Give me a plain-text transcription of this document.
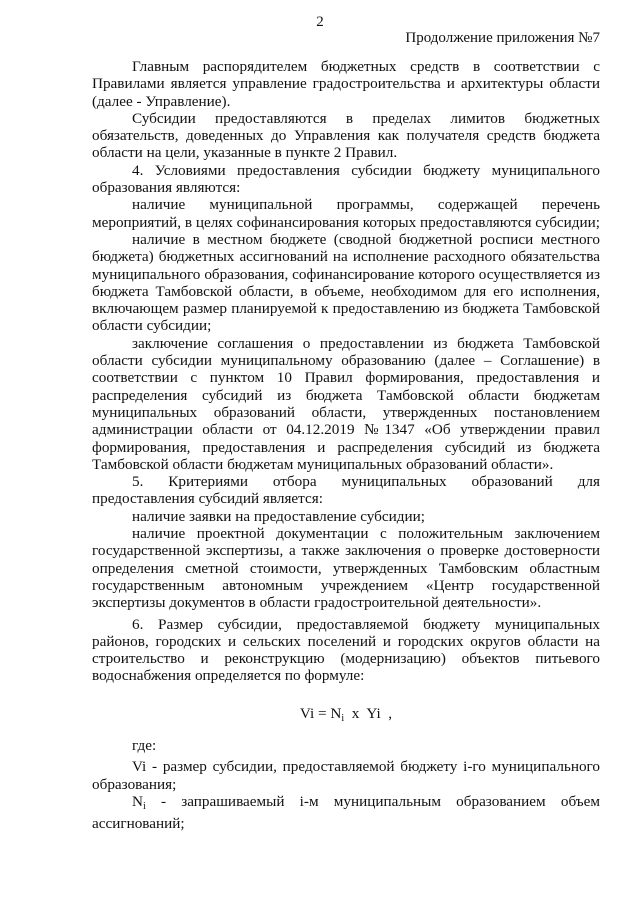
2
Продолжение приложения №7

Главным распорядителем бюджетных средств в соответствии с Правилами является управление градостроительства и архитектуры области (далее - Управление).

Субсидии предоставляются в пределах лимитов бюджетных обязательств, доведенных до Управления как получателя средств бюджета области на цели, указанные в пункте 2 Правил.

4. Условиями предоставления субсидии бюджету муниципального образования являются:

наличие муниципальной программы, содержащей перечень мероприятий, в целях софинансирования которых предоставляются субсидии;

наличие в местном бюджете (сводной бюджетной росписи местного бюджета) бюджетных ассигнований на исполнение расходного обязательства муниципального образования, софинансирование которого осуществляется из бюджета Тамбовской области, в объеме, необходимом для его исполнения, включающем размер планируемой к предоставлению из бюджета Тамбовской области субсидии;

заключение соглашения о предоставлении из бюджета Тамбовской области субсидии муниципальному образованию (далее – Соглашение) в соответствии с пунктом 10 Правил формирования, предоставления и распределения субсидий из бюджета Тамбовской области бюджетам муниципальных образований области, утвержденных постановлением администрации области от 04.12.2019 №1347 «Об утверждении правил формирования, предоставления и распределения субсидий из бюджета Тамбовской области бюджетам муниципальных образований области».

5. Критериями отбора муниципальных образований для предоставления субсидий является:

наличие заявки на предоставление субсидии;

наличие проектной документации с положительным заключением государственной экспертизы, а также заключения о проверке достоверности определения сметной стоимости, утвержденных Тамбовским областным государственным автономным учреждением «Центр государственной экспертизы документов в области градостроительной деятельности».

6. Размер субсидии, предоставляемой бюджету муниципальных районов, городских и сельских поселений и городских округов области на строительство и реконструкцию (модернизацию) объектов питьевого водоснабжения определяется по формуле:

$Vi = N_i$  x  Yi  ,

где:

Vi - размер субсидии, предоставляемой бюджету i-го муниципального образования;

$N_i$ - запрашиваемый i-м муниципальным образованием объем ассигнований;
